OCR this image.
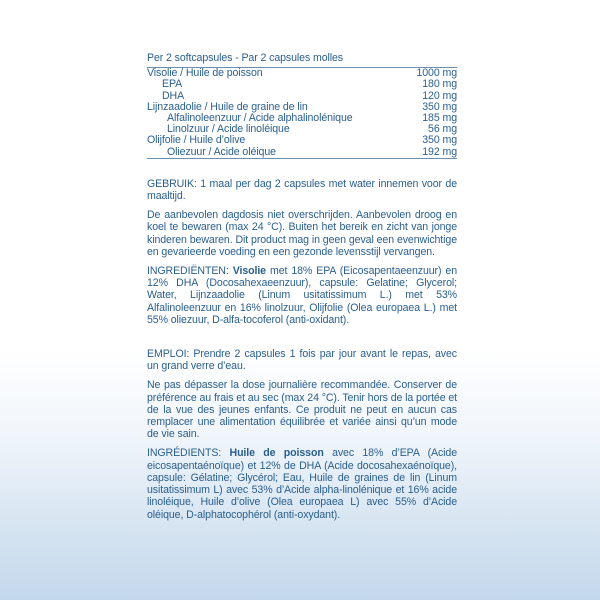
Per 2 softcapsules - Par 2 capsules molles
Visolie / Huile de poisson	1000 mg
EPA	180 mg
DHA	120 mg
Lijnzaadolie / Huile de graine de lin	350 mg
Alfalinoleenzuur / Acide alphalinolénique	185 mg
Linolzuur / Acide linoléique	56 mg
Olijfolie / Huile d’olive	350 mg
Oliezuur / Acide oléique	192 mg

GEBRUIK: 1 maal per dag 2 capsules met water innemen voor de maaltijd.

De aanbevolen dagdosis niet overschrijden. Aanbevolen droog en koel te bewaren (max 24 °C). Buiten het bereik en zicht van jonge kinderen bewaren. Dit product mag in geen geval een evenwichtige en gevarieerde voeding en een gezonde levensstijl vervangen.

INGREDIËNTEN: Visolie met 18% EPA (Eicosapentaeenzuur) en 12% DHA (Docosahexaeenzuur), capsule: Gelatine; Glycerol; Water, Lijnzaadolie (Linum usitatissimum L.) met 53% Alfalinoleenzuur en 16% linolzuur, Olijfolie (Olea europaea L.) met 55% oliezuur, D-alfa-tocoferol (anti-oxidant).

EMPLOI: Prendre 2 capsules 1 fois par jour avant le repas, avec un grand verre d’eau.

Ne pas dépasser la dose journalière recommandée. Conserver de préférence au frais et au sec (max 24 °C). Tenir hors de la portée et de la vue des jeunes enfants. Ce produit ne peut en aucun cas remplacer une alimentation équilibrée et variée ainsi qu’un mode de vie sain.

INGRÉDIENTS: Huile de poisson avec 18% d’EPA (Acide eicosapentaénoïque) et 12% de DHA (Acide docosahexaénoïque), capsule: Gélatine; Glycérol; Eau, Huile de graines de lin (Linum usitatissimum L) avec 53% d’Acide alpha-linolénique et 16% acide linoléique, Huile d’olive (Olea europaea L) avec 55% d’Acide oléique, D-alphatocophérol (anti-oxydant).
